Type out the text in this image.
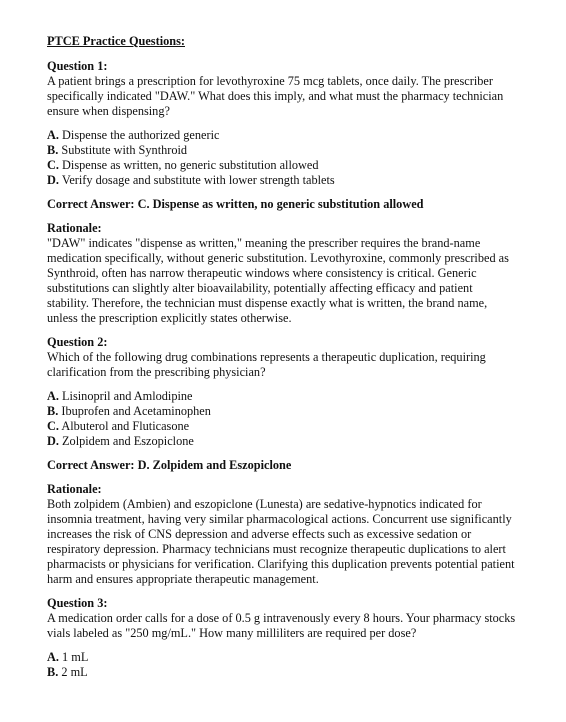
PTCE Practice Questions:

Question 1:

A patient brings a prescription for levothyroxine 75 mcg tablets, once daily. The prescriber specifically indicated "DAW." What does this imply, and what must the pharmacy technician ensure when dispensing?

A. Dispense the authorized generic
B. Substitute with Synthroid
C. Dispense as written, no generic substitution allowed
D. Verify dosage and substitute with lower strength tablets

Correct Answer: C. Dispense as written, no generic substitution allowed

Rationale:

"DAW" indicates "dispense as written," meaning the prescriber requires the brand-name medication specifically, without generic substitution. Levothyroxine, commonly prescribed as Synthroid, often has narrow therapeutic windows where consistency is critical. Generic substitutions can slightly alter bioavailability, potentially affecting efficacy and patient stability. Therefore, the technician must dispense exactly what is written, the brand name, unless the prescription explicitly states otherwise.

Question 2:

Which of the following drug combinations represents a therapeutic duplication, requiring clarification from the prescribing physician?

A. Lisinopril and Amlodipine
B. Ibuprofen and Acetaminophen
C. Albuterol and Fluticasone
D. Zolpidem and Eszopiclone

Correct Answer: D. Zolpidem and Eszopiclone

Rationale:

Both zolpidem (Ambien) and eszopiclone (Lunesta) are sedative-hypnotics indicated for insomnia treatment, having very similar pharmacological actions. Concurrent use significantly increases the risk of CNS depression and adverse effects such as excessive sedation or respiratory depression. Pharmacy technicians must recognize therapeutic duplications to alert pharmacists or physicians for verification. Clarifying this duplication prevents potential patient harm and ensures appropriate therapeutic management.

Question 3:

A medication order calls for a dose of 0.5 g intravenously every 8 hours. Your pharmacy stocks vials labeled as "250 mg/mL." How many milliliters are required per dose?

A. 1 mL
B. 2 mL
